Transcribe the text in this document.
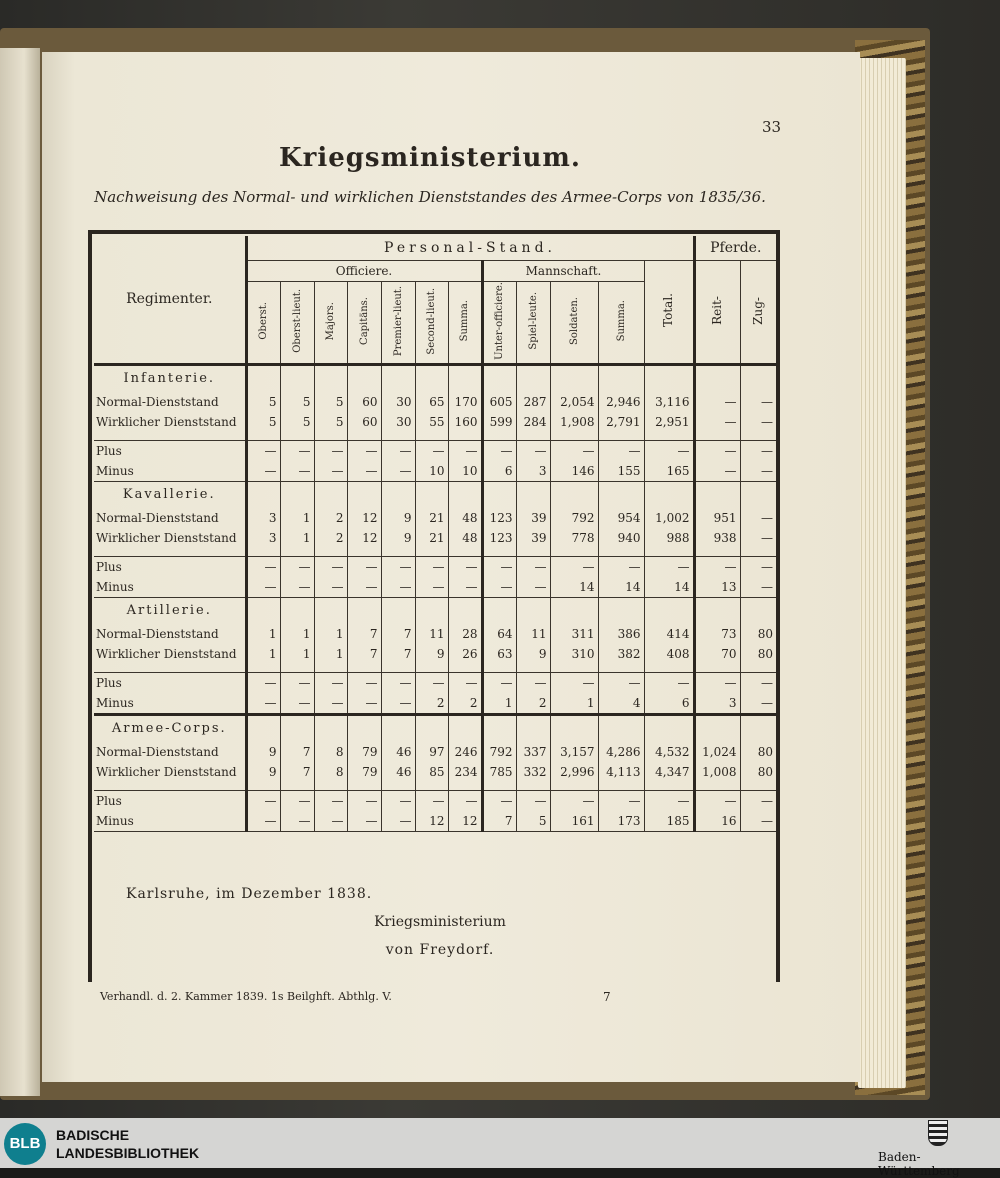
33
Kriegsministerium.
Nachweisung des Normal- und wirklichen Dienststandes des Armee-Corps von 1835/36.
Regimenter.	Personal-Stand.												Pferde.	
	Officiere.							Mannschaft.				Total.	Reit-	Zug-
	Oberst.	Oberst-lieut.	Majors.	Capitäns.	Premier-lieut.	Second-lieut.	Summa.	Unter-officiere.	Spiel-leute.	Soldaten.	Summa.			
Infanterie.														
Normal-Dienststand	5	5	5	60	30	65	170	605	287	2,054	2,946	3,116	—	—
Wirklicher Dienststand	5	5	5	60	30	55	160	599	284	1,908	2,791	2,951	—	—

Plus	—	—	—	—	—	—	—	—	—	—	—	—	—	—
Minus	—	—	—	—	—	10	10	6	3	146	155	165	—	—
Kavallerie.														
Normal-Dienststand	3	1	2	12	9	21	48	123	39	792	954	1,002	951	—
Wirklicher Dienststand	3	1	2	12	9	21	48	123	39	778	940	988	938	—

Plus	—	—	—	—	—	—	—	—	—	—	—	—	—	—
Minus	—	—	—	—	—	—	—	—	—	14	14	14	13	—
Artillerie.														
Normal-Dienststand	1	1	1	7	7	11	28	64	11	311	386	414	73	80
Wirklicher Dienststand	1	1	1	7	7	9	26	63	9	310	382	408	70	80

Plus	—	—	—	—	—	—	—	—	—	—	—	—	—	—
Minus	—	—	—	—	—	2	2	1	2	1	4	6	3	—
Armee-Corps.														
Normal-Dienststand	9	7	8	79	46	97	246	792	337	3,157	4,286	4,532	1,024	80
Wirklicher Dienststand	9	7	8	79	46	85	234	785	332	2,996	4,113	4,347	1,008	80

Plus	—	—	—	—	—	—	—	—	—	—	—	—	—	—
Minus	—	—	—	—	—	12	12	7	5	161	173	185	16	—
Karlsruhe, im Dezember 1838.
Kriegsministerium
von Freydorf.
Verhandl. d. 2. Kammer 1839. 1s Beilghft. Abthlg. V.	7
BLB	BADISCHE
LANDESBIBLIOTHEK	Baden-Württemberg
